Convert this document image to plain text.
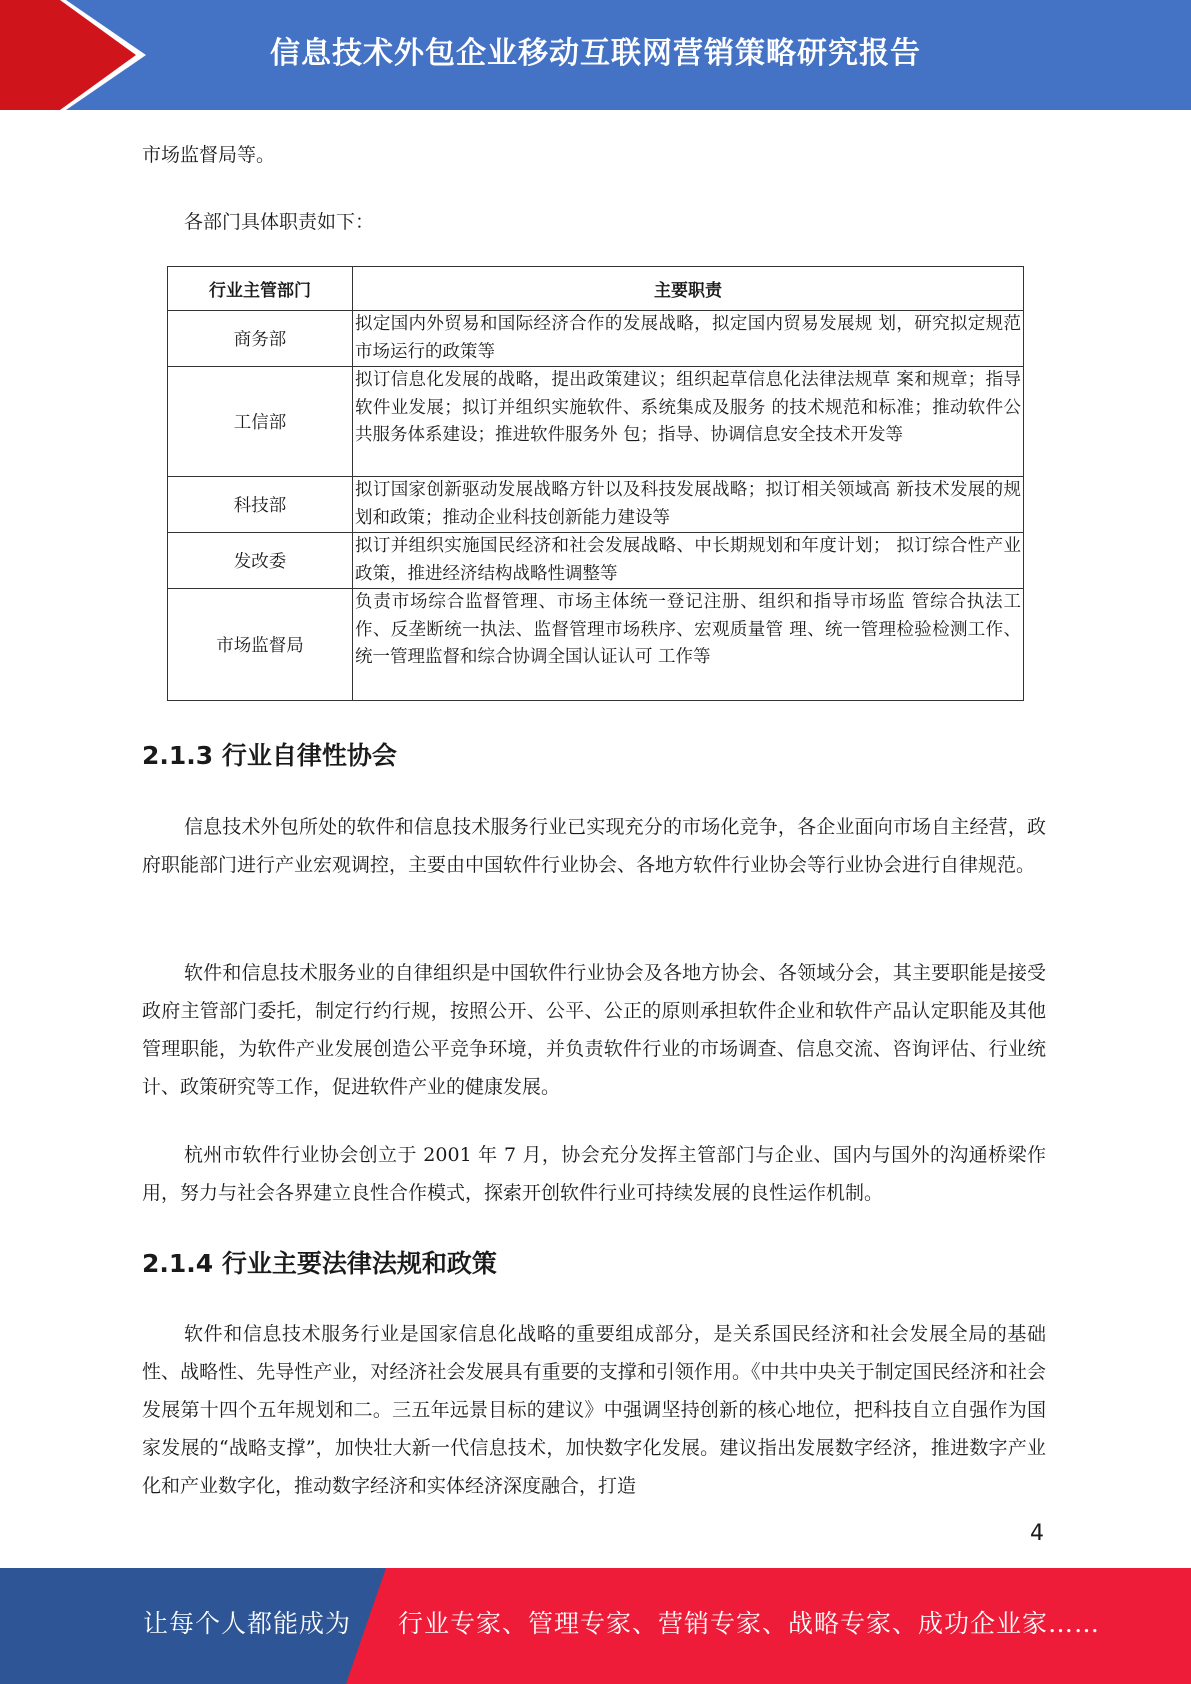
信息技术外包企业移动互联网营销策略研究报告

市场监督局等。

各部门具体职责如下：

行业主管部门	主要职责
商务部	拟定国内外贸易和国际经济合作的发展战略，拟定国内贸易发展规 划，研究拟定规范市场运行的政策等
工信部	拟订信息化发展的战略，提出政策建议；组织起草信息化法律法规草 案和规章；指导软件业发展；拟订并组织实施软件、系统集成及服务 的技术规范和标准；推动软件公共服务体系建设；推进软件服务外 包；指导、协调信息安全技术开发等
科技部	拟订国家创新驱动发展战略方针以及科技发展战略；拟订相关领域高 新技术发展的规划和政策；推动企业科技创新能力建设等
发改委	拟订并组织实施国民经济和社会发展战略、中长期规划和年度计划； 拟订综合性产业政策，推进经济结构战略性调整等
市场监督局	负责市场综合监督管理、市场主体统一登记注册、组织和指导市场监 管综合执法工作、反垄断统一执法、监督管理市场秩序、宏观质量管 理、统一管理检验检测工作、统一管理监督和综合协调全国认证认可 工作等
2.1.3 行业自律性协会

信息技术外包所处的软件和信息技术服务行业已实现充分的市场化竞争，各企业面向市场自主经营，政府职能部门进行产业宏观调控，主要由中国软件行业协会、各地方软件行业协会等行业协会进行自律规范。

软件和信息技术服务业的自律组织是中国软件行业协会及各地方协会、各领域分会，其主要职能是接受政府主管部门委托，制定行约行规，按照公开、公平、公正的原则承担软件企业和软件产品认定职能及其他管理职能，为软件产业发展创造公平竞争环境，并负责软件行业的市场调查、信息交流、咨询评估、行业统计、政策研究等工作，促进软件产业的健康发展。

杭州市软件行业协会创立于 2001 年 7 月，协会充分发挥主管部门与企业、国内与国外的沟通桥梁作用，努力与社会各界建立良性合作模式，探索开创软件行业可持续发展的良性运作机制。

2.1.4 行业主要法律法规和政策

软件和信息技术服务行业是国家信息化战略的重要组成部分，是关系国民经济和社会发展全局的基础性、战略性、先导性产业，对经济社会发展具有重要的支撑和引领作用。《中共中央关于制定国民经济和社会发展第十四个五年规划和二。三五年远景目标的建议》中强调坚持创新的核心地位，把科技自立自强作为国家发展的“战略支撑”，加快壮大新一代信息技术，加快数字化发展。建议指出发展数字经济，推进数字产业化和产业数字化，推动数字经济和实体经济深度融合，打造

4
让每个人都能成为 行业专家、管理专家、营销专家、战略专家、成功企业家……
